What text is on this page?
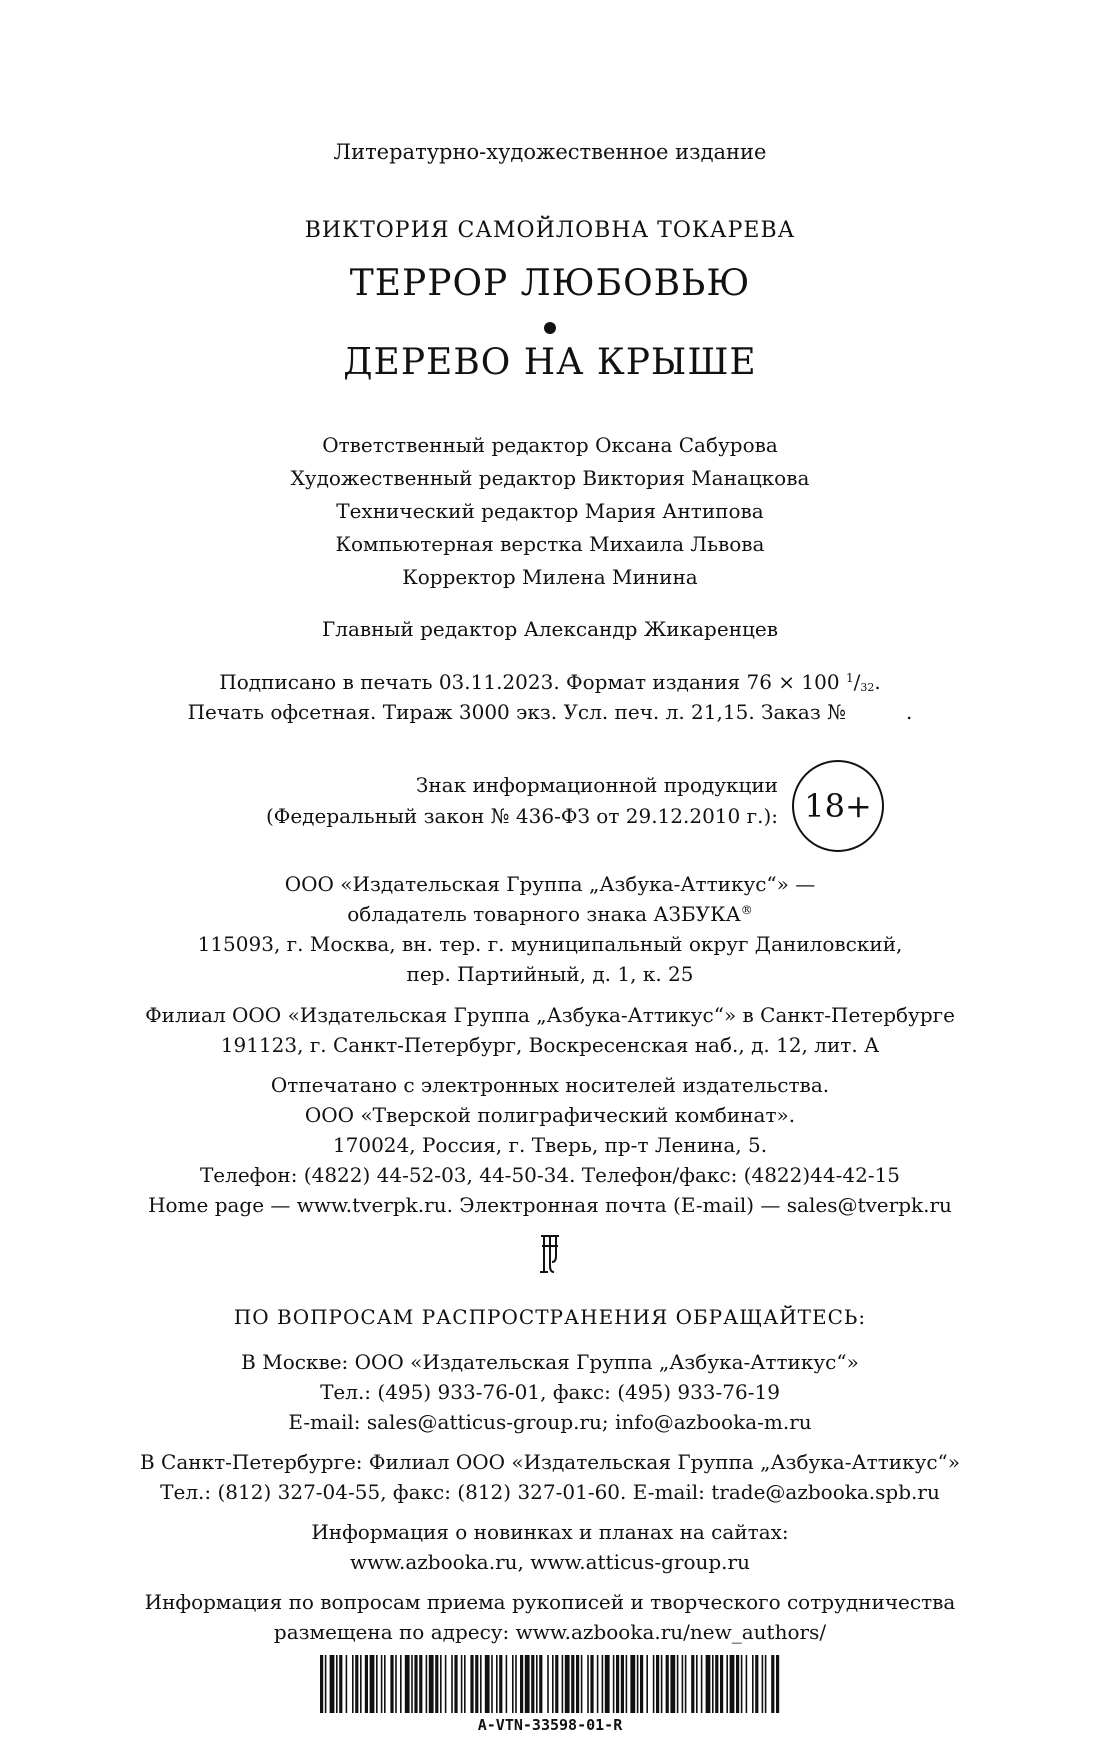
Литературно-художественное издание
ВИКТОРИЯ САМОЙЛОВНА ТОКАРЕВА
ТЕРРОР ЛЮБОВЬЮ
ДЕРЕВО НА КРЫШЕ
Ответственный редактор Оксана Сабурова
Художественный редактор Виктория Манацкова
Технический редактор Мария Антипова
Компьютерная верстка Михаила Львова
Корректор Милена Минина
Главный редактор Александр Жикаренцев
Подписано в печать 03.11.2023. Формат издания 76 × 100 $^1$/32.
Печать офсетная. Тираж 3000 экз. Усл. печ. л. 21,15. Заказ №	.
Знак информационной продукции
(Федеральный закон № 436-ФЗ от 29.12.2010 г.): 18+
ООО «Издательская Группа „Азбука-Аттикус“» —
обладатель товарного знака АЗБУКА®
115093, г. Москва, вн. тер. г. муниципальный округ Даниловский,
пер. Партийный, д. 1, к. 25
Филиал ООО «Издательская Группа „Азбука-Аттикус“» в Санкт-Петербурге
191123, г. Санкт-Петербург, Воскресенская наб., д. 12, лит. А
Отпечатано с электронных носителей издательства.
ООО «Тверской полиграфический комбинат».
170024, Россия, г. Тверь, пр-т Ленина, 5.
Телефон: (4822) 44-52-03, 44-50-34. Телефон/факс: (4822)44-42-15
Home page — www.tverpk.ru. Электронная почта (E-mail) — sales@tverpk.ru
ПО ВОПРОСАМ РАСПРОСТРАНЕНИЯ ОБРАЩАЙТЕСЬ:
В Москве: ООО «Издательская Группа „Азбука-Аттикус“»
Тел.: (495) 933-76-01, факс: (495) 933-76-19
E-mail: sales@atticus-group.ru; info@azbooka-m.ru
В Санкт-Петербурге: Филиал ООО «Издательская Группа „Азбука-Аттикус“»
Тел.: (812) 327-04-55, факс: (812) 327-01-60. E-mail: trade@azbooka.spb.ru
Информация о новинках и планах на сайтах:
www.azbooka.ru, www.atticus-group.ru
Информация по вопросам приема рукописей и творческого сотрудничества
размещена по адресу: www.azbooka.ru/new_authors/
A-VTN-33598-01-R
